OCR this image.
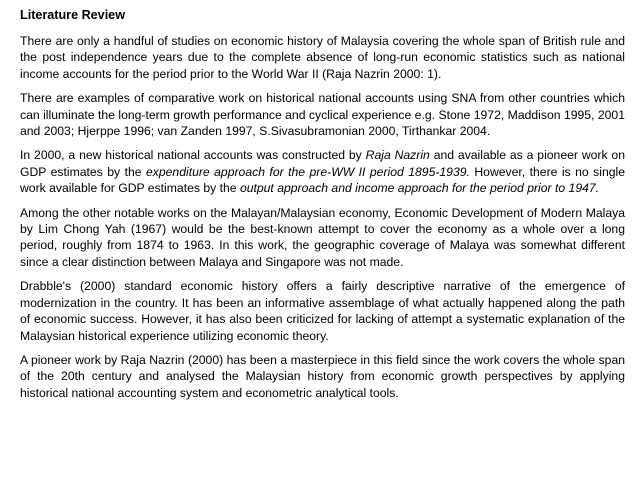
Literature Review

There are only a handful of studies on economic history of Malaysia covering the whole span of British rule and the post independence years due to the complete absence of long-run economic statistics such as national income accounts for the period prior to the World War II (Raja Nazrin 2000: 1).

There are examples of comparative work on historical national accounts using SNA from other countries which can illuminate the long-term growth performance and cyclical experience e.g. Stone 1972, Maddison 1995, 2001 and 2003; Hjerppe 1996; van Zanden 1997, S.Sivasubramonian 2000, Tirthankar 2004.

In 2000, a new historical national accounts was constructed by Raja Nazrin and available as a pioneer work on GDP estimates by the expenditure approach for the pre-WW II period 1895-1939. However, there is no single work available for GDP estimates by the output approach and income approach for the period prior to 1947.

Among the other notable works on the Malayan/Malaysian economy, Economic Development of Modern Malaya by Lim Chong Yah (1967) would be the best-known attempt to cover the economy as a whole over a long period, roughly from 1874 to 1963. In this work, the geographic coverage of Malaya was somewhat different since a clear distinction between Malaya and Singapore was not made.

Drabble's (2000) standard economic history offers a fairly descriptive narrative of the emergence of modernization in the country. It has been an informative assemblage of what actually happened along the path of economic success. However, it has also been criticized for lacking of attempt a systematic explanation of the Malaysian historical experience utilizing economic theory.

A pioneer work by Raja Nazrin (2000) has been a masterpiece in this field since the work covers the whole span of the 20th century and analysed the Malaysian history from economic growth perspectives by applying historical national accounting system and econometric analytical tools.
